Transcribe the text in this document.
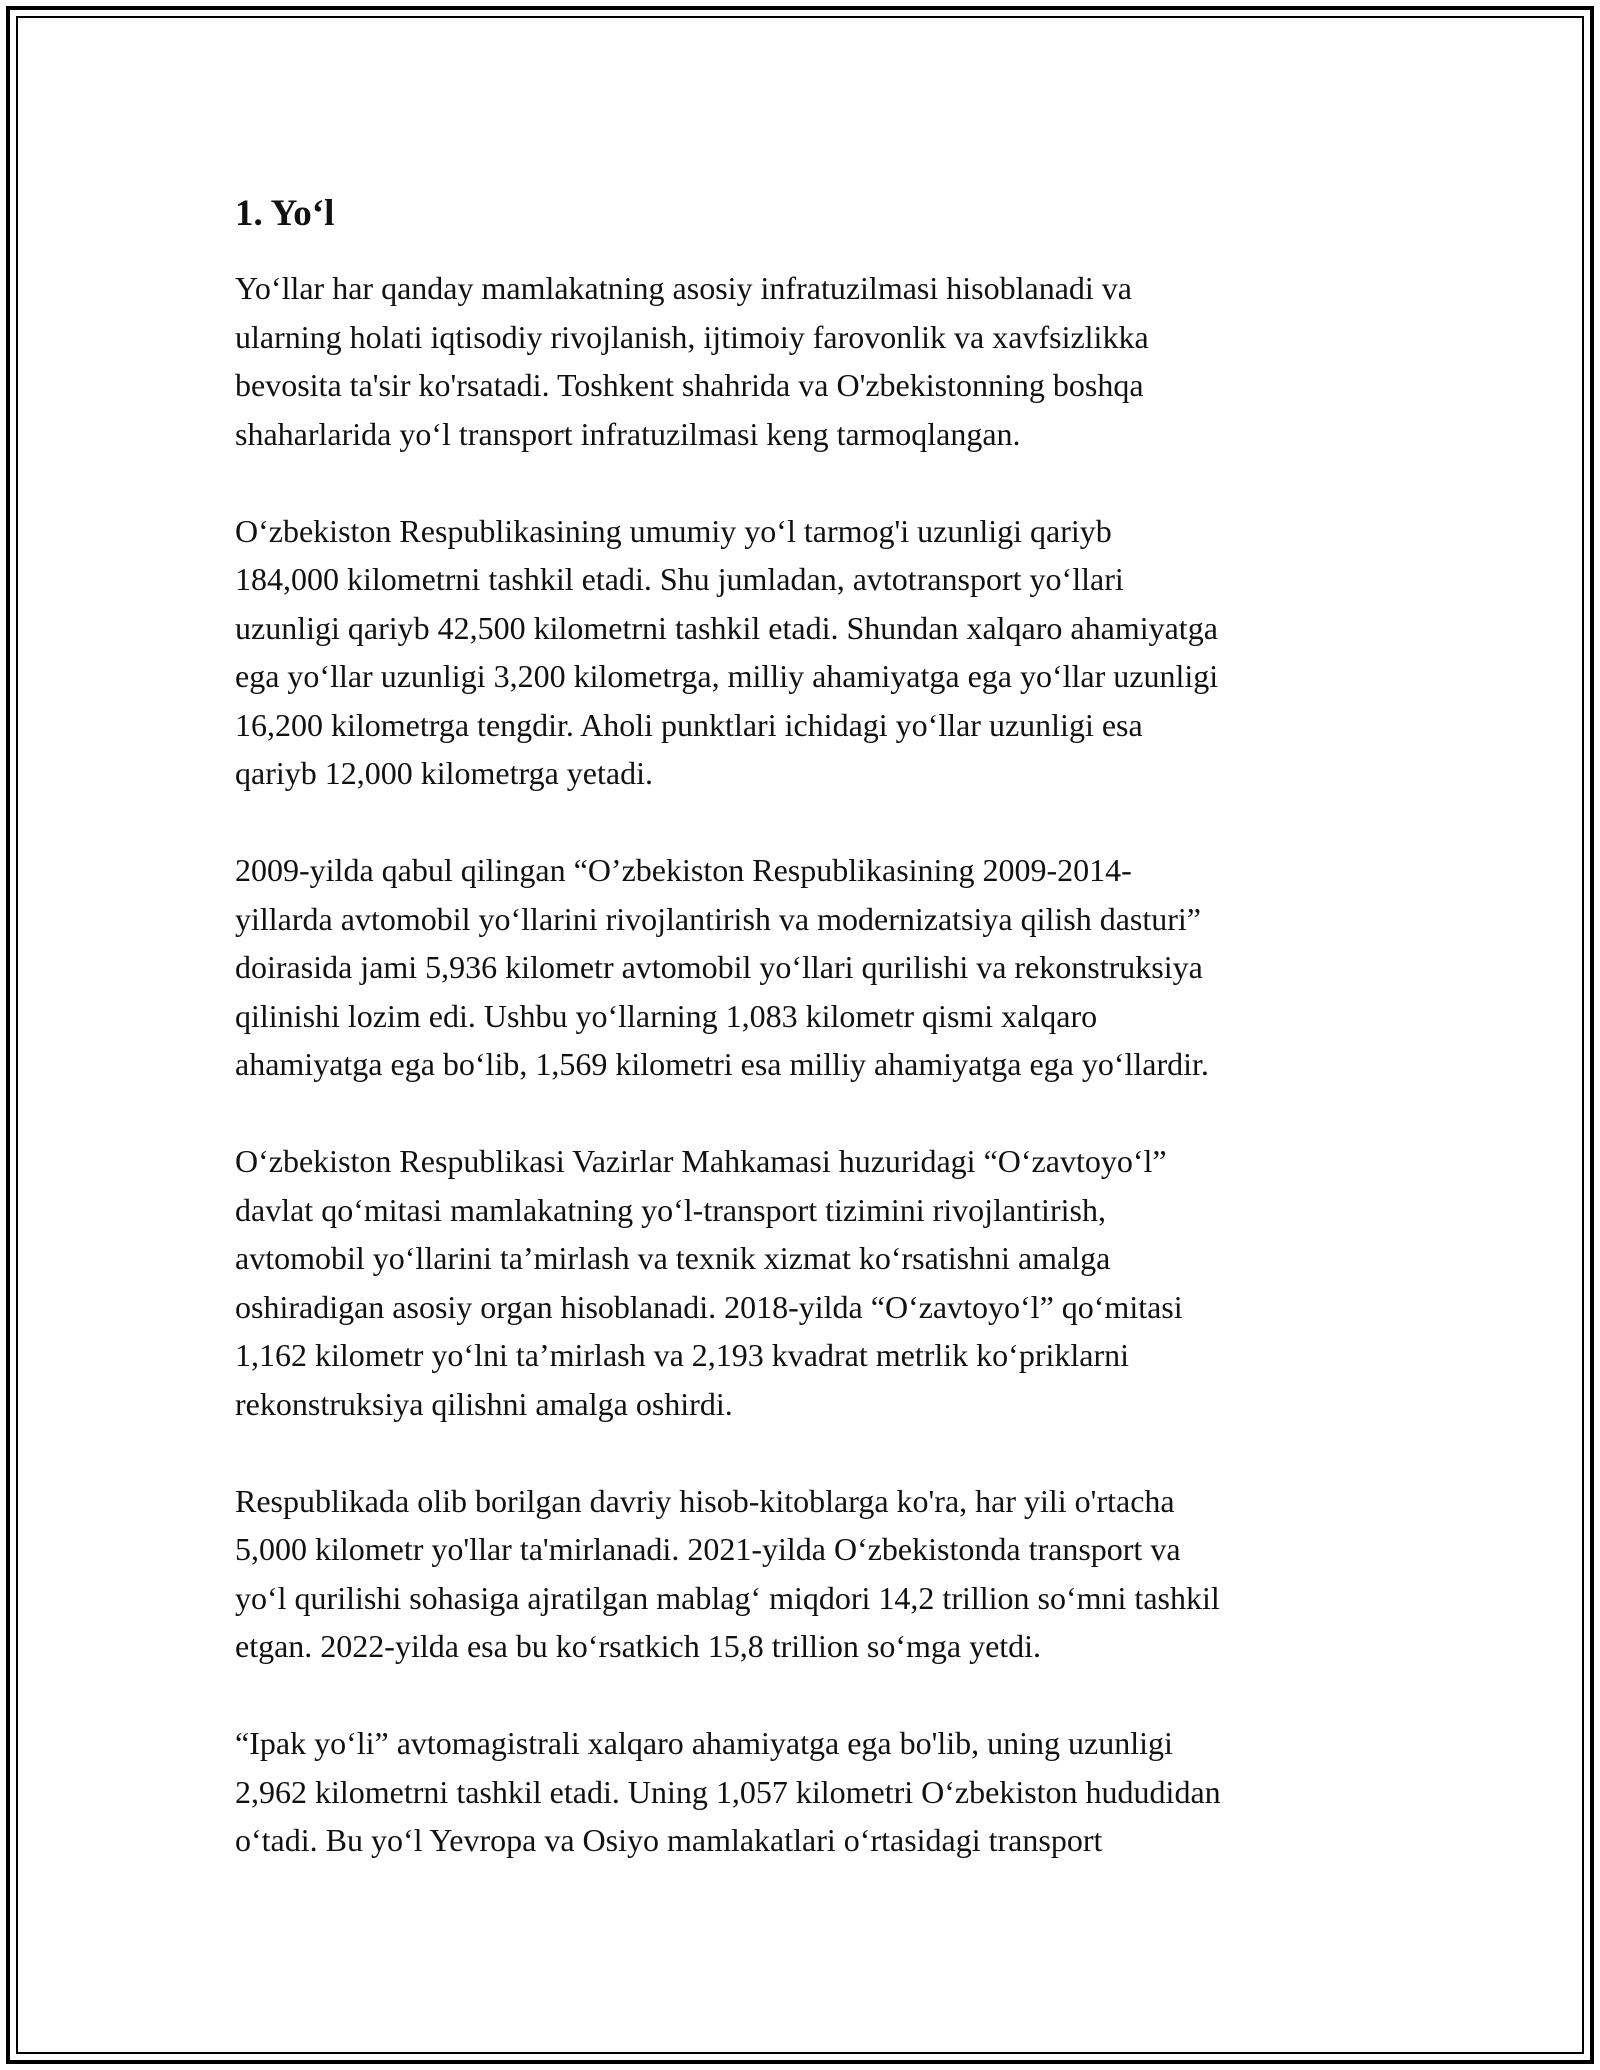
1. Yo‘l

Yo‘llar har qanday mamlakatning asosiy infratuzilmasi hisoblanadi va
ularning holati iqtisodiy rivojlanish, ijtimoiy farovonlik va xavfsizlikka
bevosita ta'sir ko'rsatadi. Toshkent shahrida va O'zbekistonning boshqa
shaharlarida yo‘l transport infratuzilmasi keng tarmoqlangan.

O‘zbekiston Respublikasining umumiy yo‘l tarmog'i uzunligi qariyb
184,000 kilometrni tashkil etadi. Shu jumladan, avtotransport yo‘llari
uzunligi qariyb 42,500 kilometrni tashkil etadi. Shundan xalqaro ahamiyatga
ega yo‘llar uzunligi 3,200 kilometrga, milliy ahamiyatga ega yo‘llar uzunligi
16,200 kilometrga tengdir. Aholi punktlari ichidagi yo‘llar uzunligi esa
qariyb 12,000 kilometrga yetadi.

2009-yilda qabul qilingan “O’zbekiston Respublikasining 2009-2014-
yillarda avtomobil yo‘llarini rivojlantirish va modernizatsiya qilish dasturi”
doirasida jami 5,936 kilometr avtomobil yo‘llari qurilishi va rekonstruksiya
qilinishi lozim edi. Ushbu yo‘llarning 1,083 kilometr qismi xalqaro
ahamiyatga ega bo‘lib, 1,569 kilometri esa milliy ahamiyatga ega yo‘llardir.

O‘zbekiston Respublikasi Vazirlar Mahkamasi huzuridagi “O‘zavtoyo‘l”
davlat qo‘mitasi mamlakatning yo‘l-transport tizimini rivojlantirish,
avtomobil yo‘llarini ta’mirlash va texnik xizmat ko‘rsatishni amalga
oshiradigan asosiy organ hisoblanadi. 2018-yilda “O‘zavtoyo‘l” qo‘mitasi
1,162 kilometr yo‘lni ta’mirlash va 2,193 kvadrat metrlik ko‘priklarni
rekonstruksiya qilishni amalga oshirdi.

Respublikada olib borilgan davriy hisob-kitoblarga ko'ra, har yili o'rtacha
5,000 kilometr yo'llar ta'mirlanadi. 2021-yilda O‘zbekistonda transport va
yo‘l qurilishi sohasiga ajratilgan mablag‘ miqdori 14,2 trillion so‘mni tashkil
etgan. 2022-yilda esa bu ko‘rsatkich 15,8 trillion so‘mga yetdi.

“Ipak yo‘li” avtomagistrali xalqaro ahamiyatga ega bo'lib, uning uzunligi
2,962 kilometrni tashkil etadi. Uning 1,057 kilometri O‘zbekiston hududidan
o‘tadi. Bu yo‘l Yevropa va Osiyo mamlakatlari o‘rtasidagi transport
